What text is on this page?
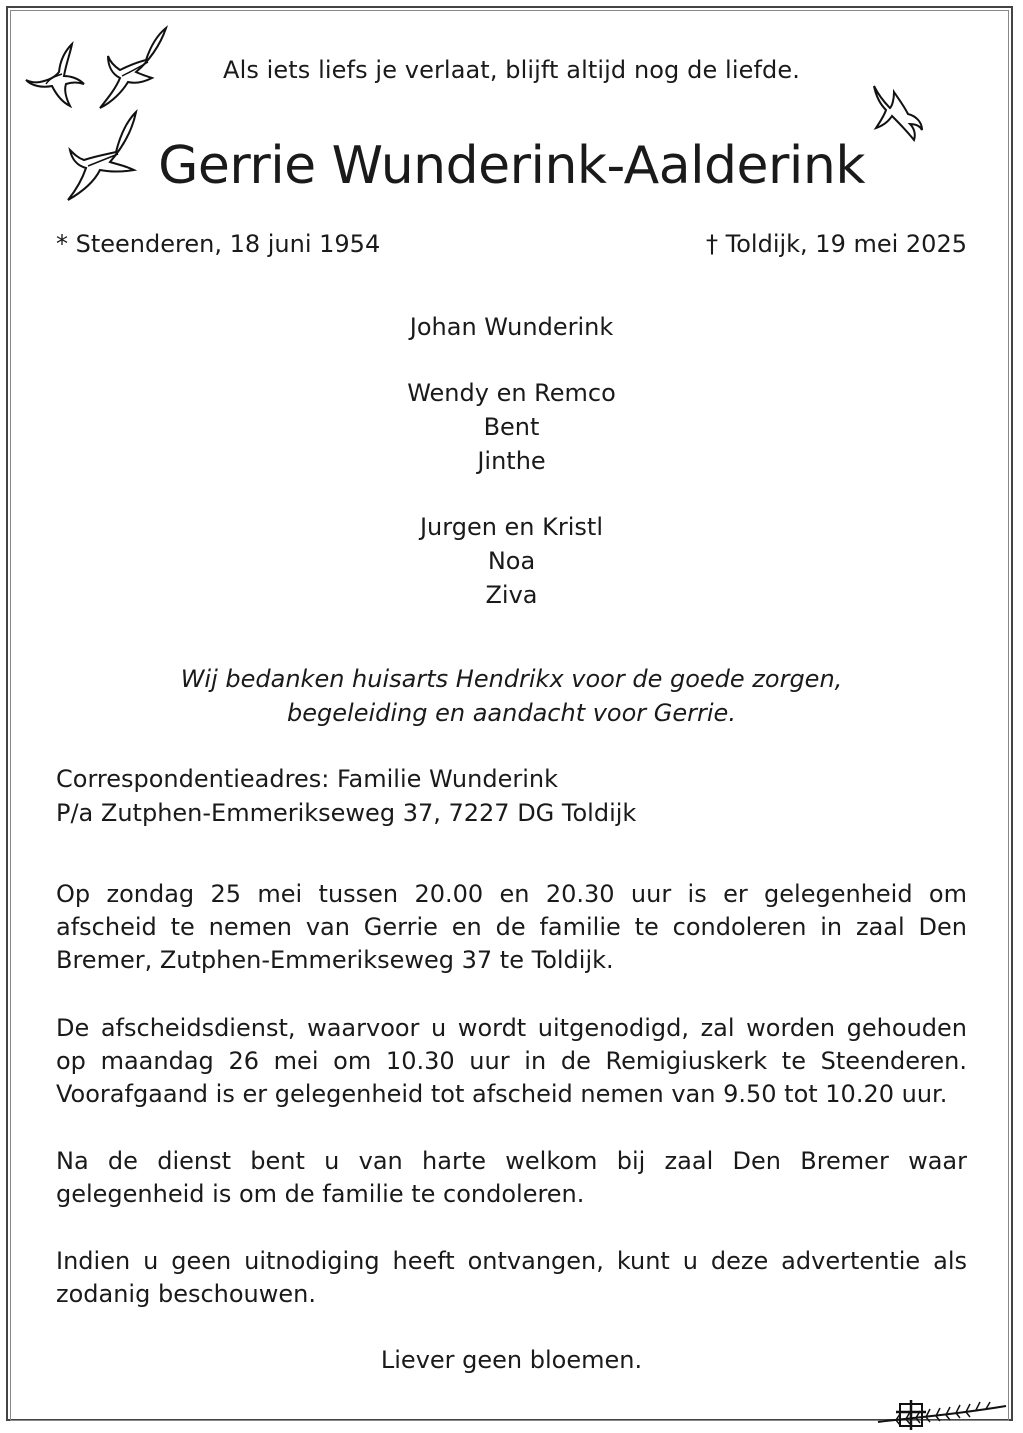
Als iets liefs je verlaat, blijft altijd nog de liefde.
Gerrie Wunderink-Aalderink
* Steenderen, 18 juni 1954	† Toldijk, 19 mei 2025
Johan Wunderink
Wendy en Remco
Bent
Jinthe
Jurgen en Kristl
Noa
Ziva
Wij bedanken huisarts Hendrikx voor de goede zorgen,
begeleiding en aandacht voor Gerrie.
Correspondentieadres: Familie Wunderink
P/a Zutphen-Emmerikseweg 37, 7227 DG Toldijk
Op zondag 25 mei tussen 20.00 en 20.30 uur is er gelegenheid om afscheid te nemen van Gerrie en de familie te condoleren in zaal Den Bremer, Zutphen-Emmerikseweg 37 te Toldijk.
De afscheidsdienst, waarvoor u wordt uitgenodigd, zal worden gehouden op maandag 26 mei om 10.30 uur in de Remigiuskerk te Steenderen. Voorafgaand is er gelegenheid tot afscheid nemen van 9.50 tot 10.20 uur.
Na de dienst bent u van harte welkom bij zaal Den Bremer waar gelegenheid is om de familie te condoleren.
Indien u geen uitnodiging heeft ontvangen, kunt u deze advertentie als zodanig beschouwen.
Liever geen bloemen.
